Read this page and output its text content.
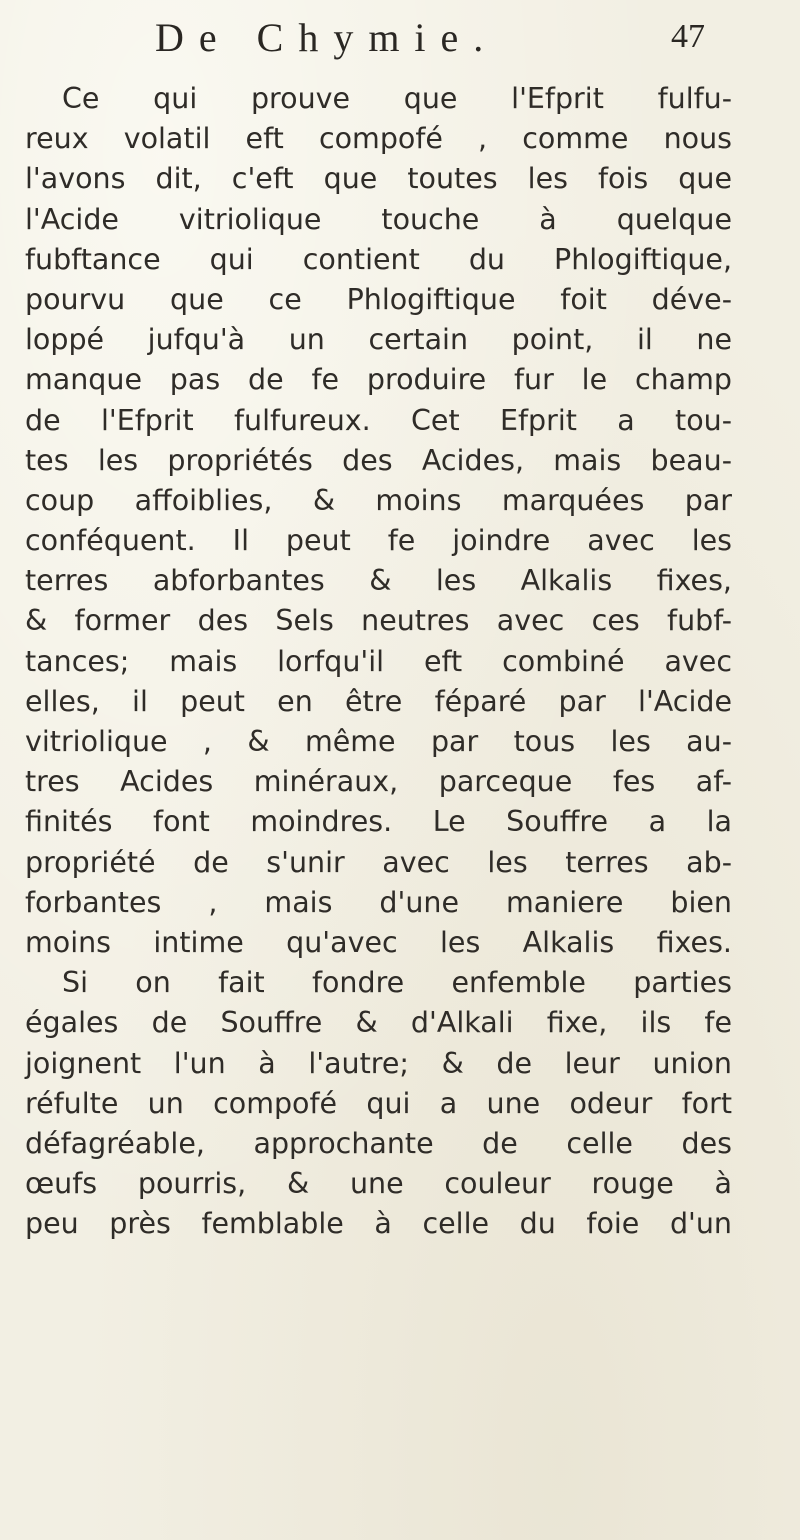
De Chymie.	47
Ce qui prouve que l'Efprit fulfu-
reux volatil eft compofé , comme nous
l'avons dit, c'eft que toutes les fois que
l'Acide vitriolique touche à quelque
fubftance qui contient du Phlogiftique,
pourvu que ce Phlogiftique foit déve-
loppé jufqu'à un certain point, il ne
manque pas de fe produire fur le champ
de l'Efprit fulfureux. Cet Efprit a tou-
tes les propriétés des Acides, mais beau-
coup affoiblies, & moins marquées par
conféquent. Il peut fe joindre avec les
terres abforbantes & les Alkalis fixes,
& former des Sels neutres avec ces fubf-
tances; mais lorfqu'il eft combiné avec
elles, il peut en être féparé par l'Acide
vitriolique , & même par tous les au-
tres Acides minéraux, parceque fes af-
finités font moindres. Le Souffre a la
propriété de s'unir avec les terres ab-
forbantes , mais d'une maniere bien
moins intime qu'avec les Alkalis fixes.
Si on fait fondre enfemble parties
égales de Souffre & d'Alkali fixe, ils fe
joignent l'un à l'autre; & de leur union
réfulte un compofé qui a une odeur fort
défagréable, approchante de celle des
œufs pourris, & une couleur rouge à
peu près femblable à celle du foie d'un
